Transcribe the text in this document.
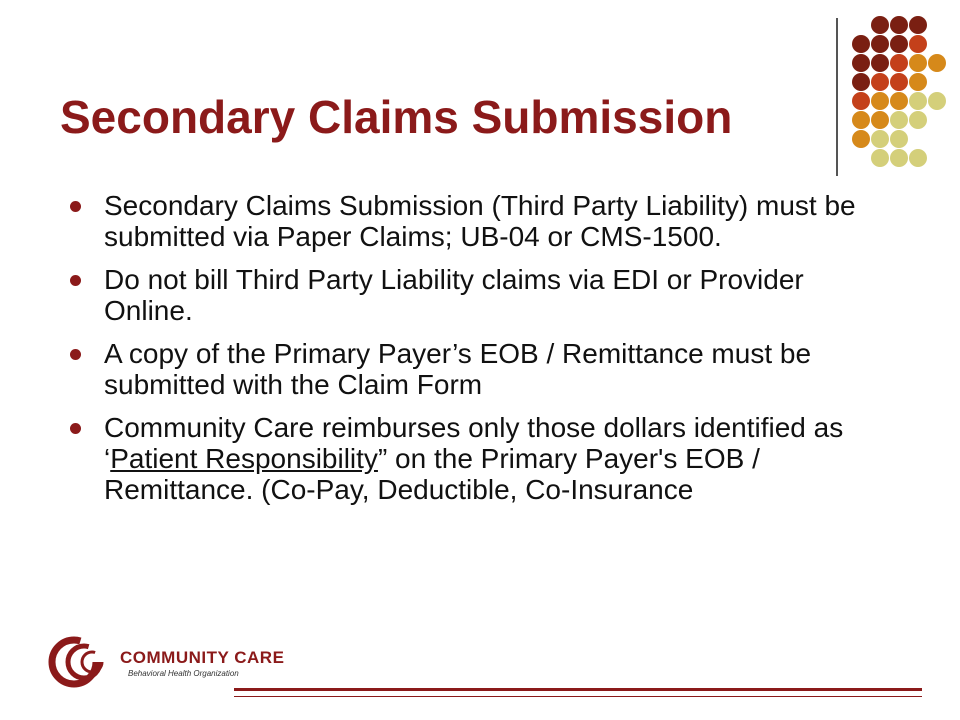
Secondary Claims Submission
Secondary Claims Submission (Third Party Liability) must be submitted via Paper Claims; UB-04 or CMS-1500.
Do not bill Third Party Liability claims via EDI or Provider Online.
A copy of the Primary Payer’s EOB / Remittance must be submitted with the Claim Form
Community Care reimburses only those dollars identified as ‘Patient Responsibility” on the Primary Payer's EOB / Remittance. (Co-Pay, Deductible, Co-Insurance
COMMUNITY CARE
Behavioral Health Organization
